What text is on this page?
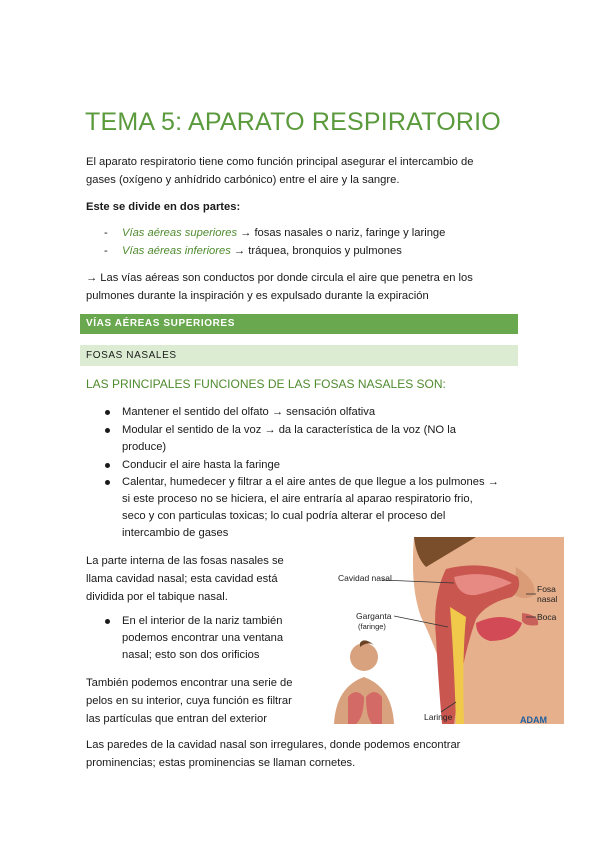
TEMA 5: APARATO RESPIRATORIO
El aparato respiratorio tiene como función principal asegurar el intercambio de
gases (oxígeno y anhídrido carbónico) entre el aire y la sangre.
Este se divide en dos partes:
- Vías aéreas superiores → fosas nasales o nariz, faringe y laringe
- Vías aéreas inferiores → tráquea, bronquios y pulmones
→ Las vías aéreas son conductos por donde circula el aire que penetra en los
pulmones durante la inspiración y es expulsado durante la expiración
VÍAS AÉREAS SUPERIORES
FOSAS NASALES
LAS PRINCIPALES FUNCIONES DE LAS FOSAS NASALES SON:
Mantener el sentido del olfato → sensación olfativa
Modular el sentido de la voz → da la característica de la voz (NO la
produce)
Conducir el aire hasta la faringe
Calentar, humedecer y filtrar a el aire antes de que llegue a los pulmones →
si este proceso no se hiciera, el aire entraría al aparao respiratorio frio,
seco y con particulas toxicas; lo cual podría alterar el proceso del
intercambio de gases
La parte interna de las fosas nasales se
llama cavidad nasal; esta cavidad está
dividida por el tabique nasal.
En el interior de la nariz también
podemos encontrar una ventana
nasal; esto son dos orificios
También podemos encontrar una serie de
pelos en su interior, cuya función es filtrar
las partículas que entran del exterior
Cavidad nasal
Garganta
(faringe)
Fosa
nasal
Boca
Laringe	ADAM
Las paredes de la cavidad nasal son irregulares, donde podemos encontrar
prominencias; estas prominencias se llaman cornetes.
